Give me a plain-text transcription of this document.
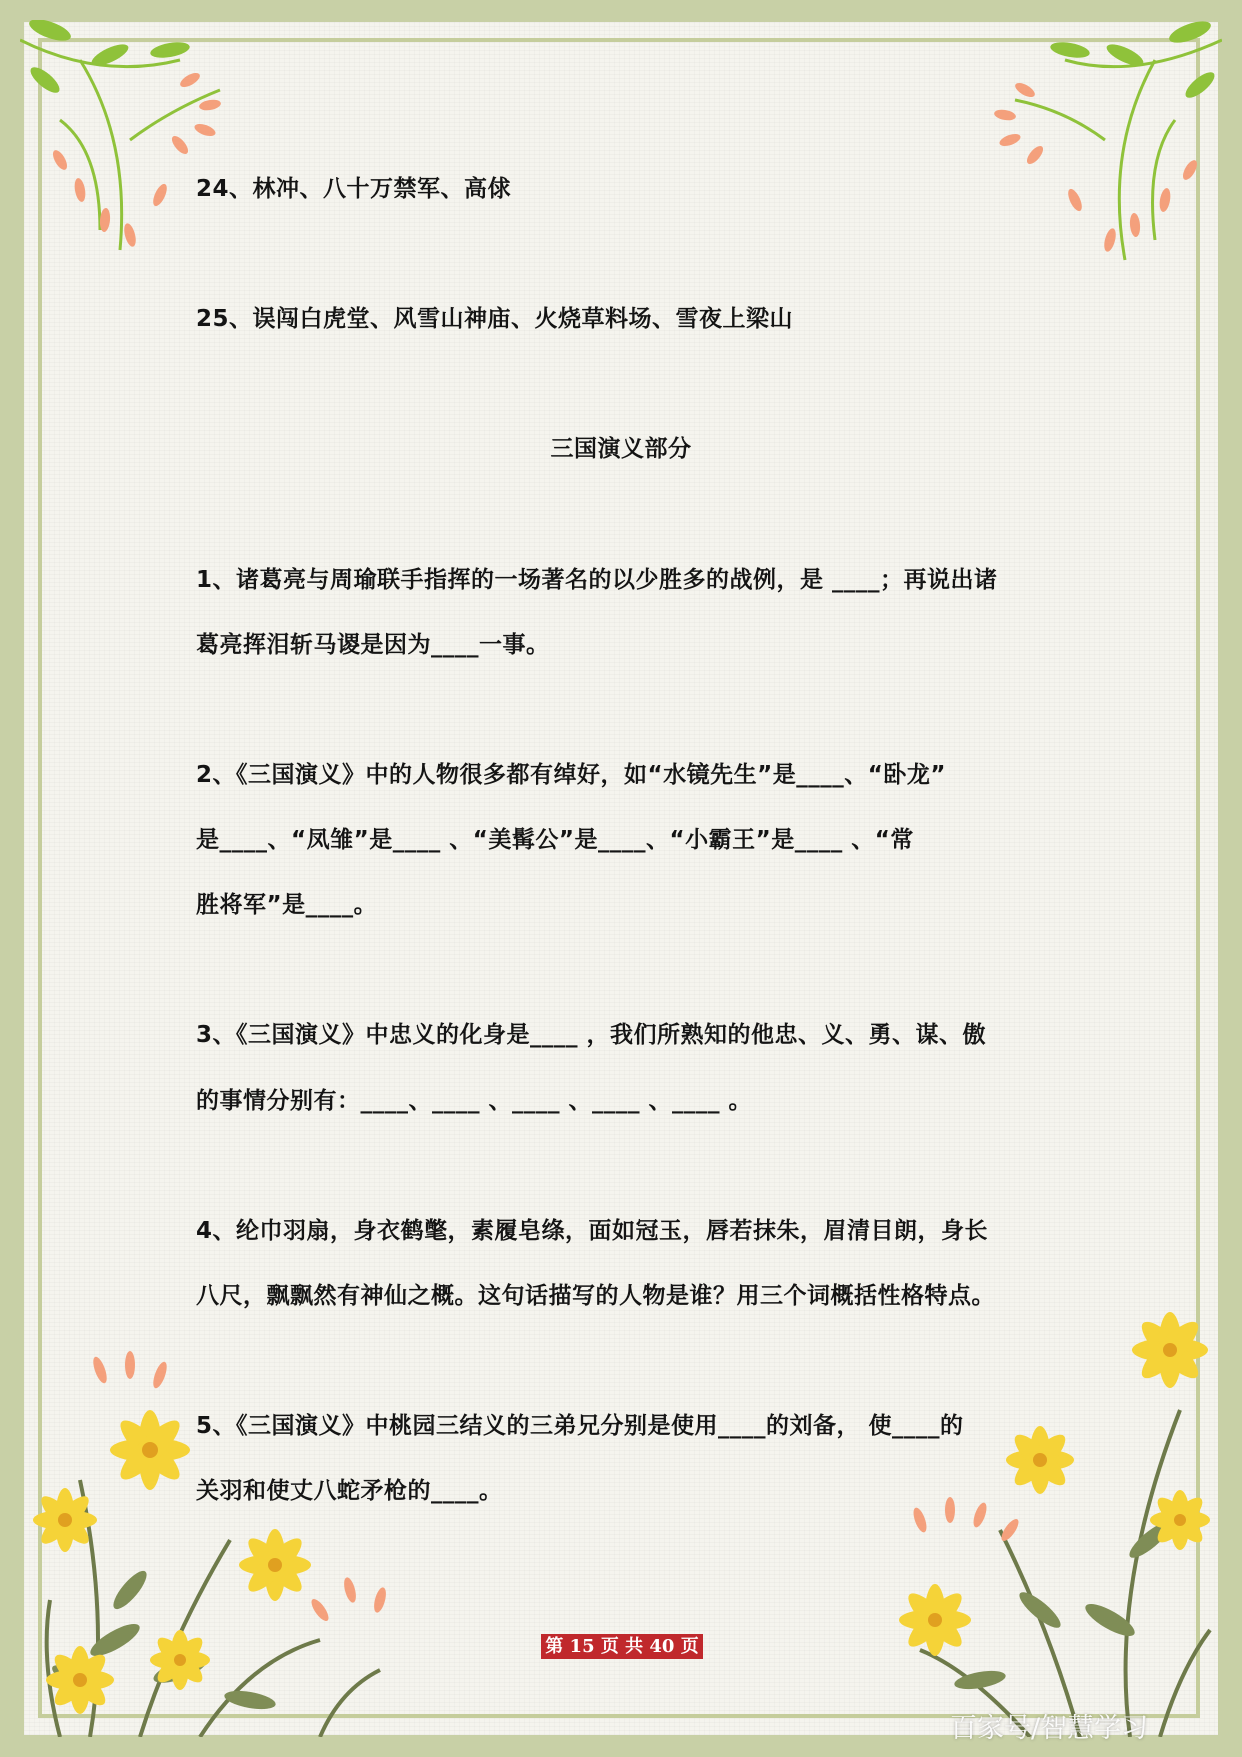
24、林冲、八十万禁军、高俅
25、误闯白虎堂、风雪山神庙、火烧草料场、雪夜上梁山
三国演义部分
1、诸葛亮与周瑜联手指挥的一场著名的以少胜多的战例，是 ____；再说出诸
葛亮挥泪斩马谡是因为____一事。
2、《三国演义》中的人物很多都有绰好，如“水镜先生”是____、“卧龙”
是____、“凤雏”是____ 、“美髯公”是____、“小霸王”是____ 、“常
胜将军”是____。
3、《三国演义》中忠义的化身是____ ，我们所熟知的他忠、义、勇、谋、傲
的事情分别有：____、____ 、____ 、____ 、____ 。
4、纶巾羽扇，身衣鹤氅，素履皂绦，面如冠玉，唇若抹朱，眉清目朗，身长
八尺，飘飘然有神仙之概。这句话描写的人物是谁？用三个词概括性格特点。
5、《三国演义》中桃园三结义的三弟兄分别是使用____的刘备， 使____的
关羽和使丈八蛇矛枪的____。
第 15 页 共 40 页
百家号/智慧学习
